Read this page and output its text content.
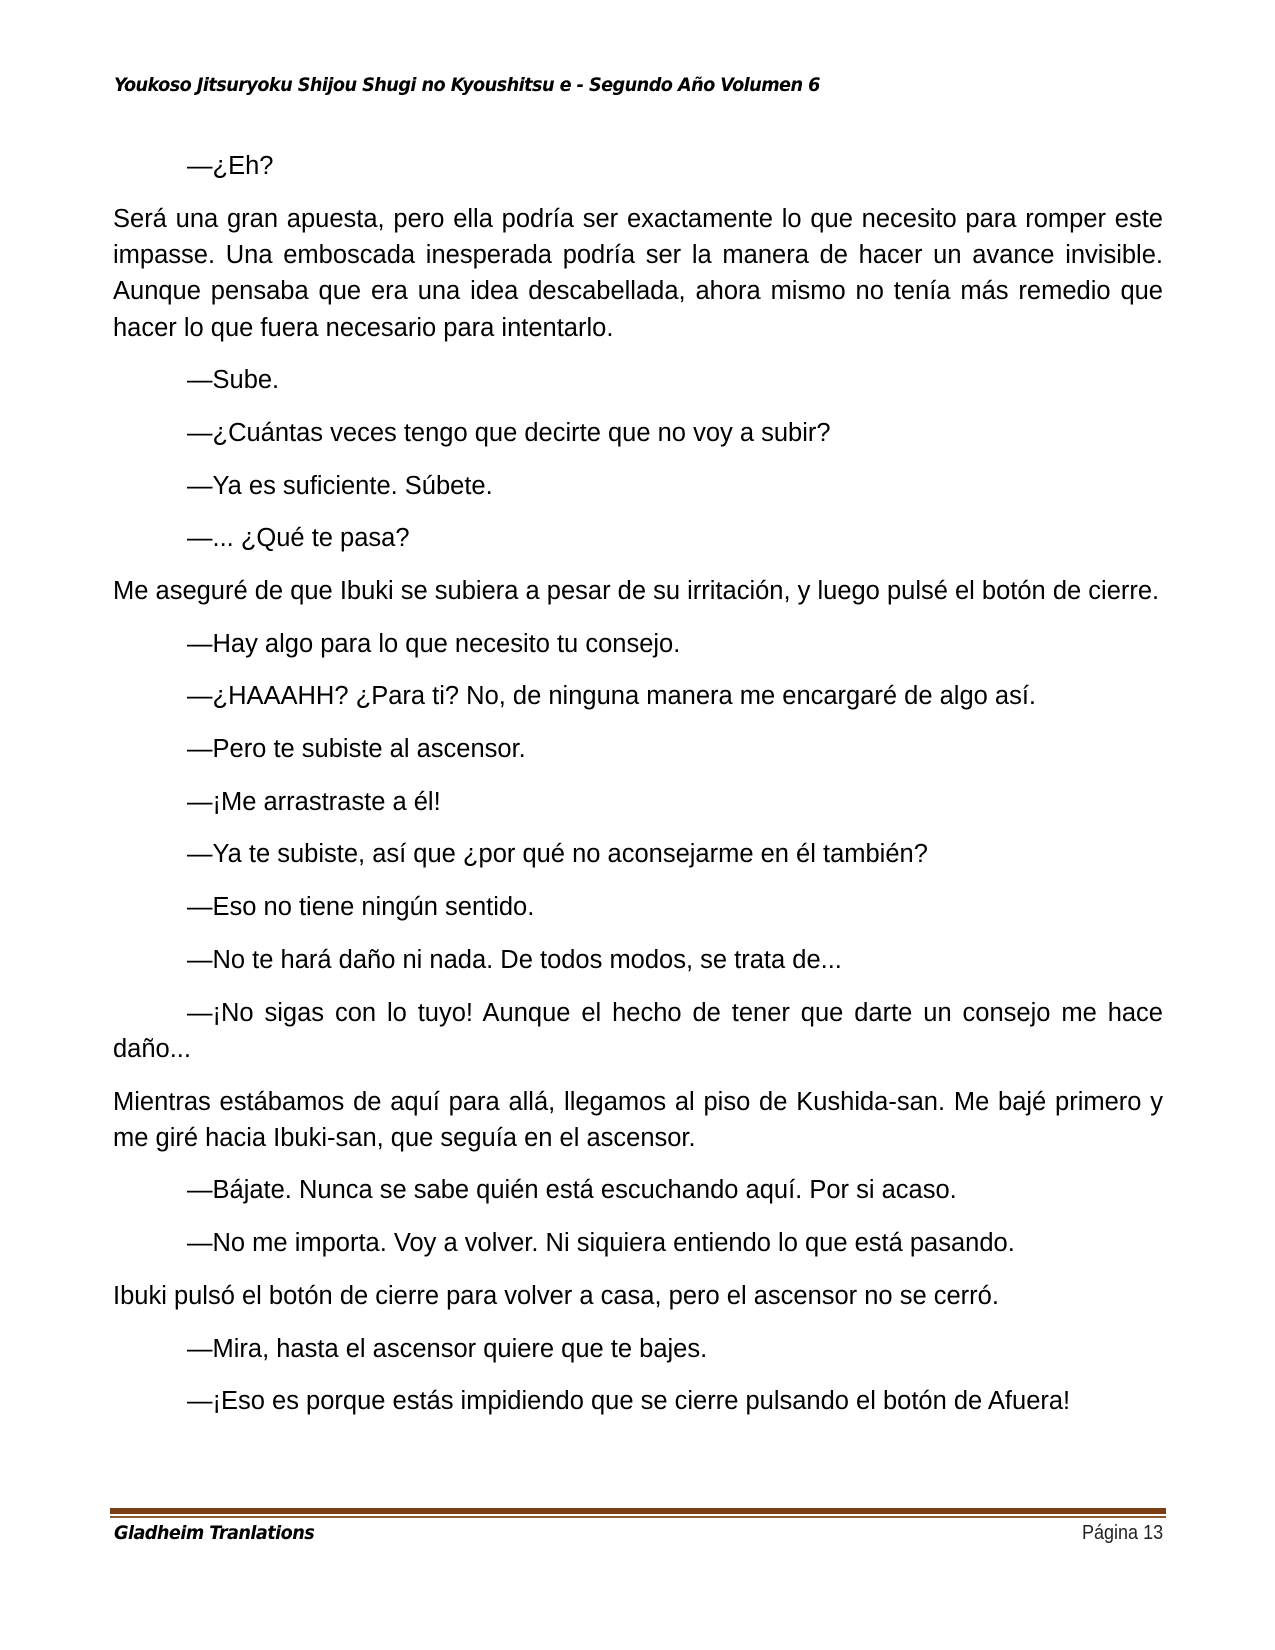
Youkoso Jitsuryoku Shijou Shugi no Kyoushitsu e - Segundo Año Volumen 6

—¿Eh?

Será una gran apuesta, pero ella podría ser exactamente lo que necesito para romper este impasse. Una emboscada inesperada podría ser la manera de hacer un avance invisible. Aunque pensaba que era una idea descabellada, ahora mismo no tenía más remedio que hacer lo que fuera necesario para intentarlo.

—Sube.

—¿Cuántas veces tengo que decirte que no voy a subir?

—Ya es suficiente. Súbete.

—... ¿Qué te pasa?

Me aseguré de que Ibuki se subiera a pesar de su irritación, y luego pulsé el botón de cierre.

—Hay algo para lo que necesito tu consejo.

—¿HAAAHH? ¿Para ti? No, de ninguna manera me encargaré de algo así.

—Pero te subiste al ascensor.

—¡Me arrastraste a él!

—Ya te subiste, así que ¿por qué no aconsejarme en él también?

—Eso no tiene ningún sentido.

—No te hará daño ni nada. De todos modos, se trata de...

—¡No sigas con lo tuyo! Aunque el hecho de tener que darte un consejo me hace daño...

Mientras estábamos de aquí para allá, llegamos al piso de Kushida-san. Me bajé primero y me giré hacia Ibuki-san, que seguía en el ascensor.

—Bájate. Nunca se sabe quién está escuchando aquí. Por si acaso.

—No me importa. Voy a volver. Ni siquiera entiendo lo que está pasando.

Ibuki pulsó el botón de cierre para volver a casa, pero el ascensor no se cerró.

—Mira, hasta el ascensor quiere que te bajes.

—¡Eso es porque estás impidiendo que se cierre pulsando el botón de Afuera!

Gladheim Tranlations	Página 13
